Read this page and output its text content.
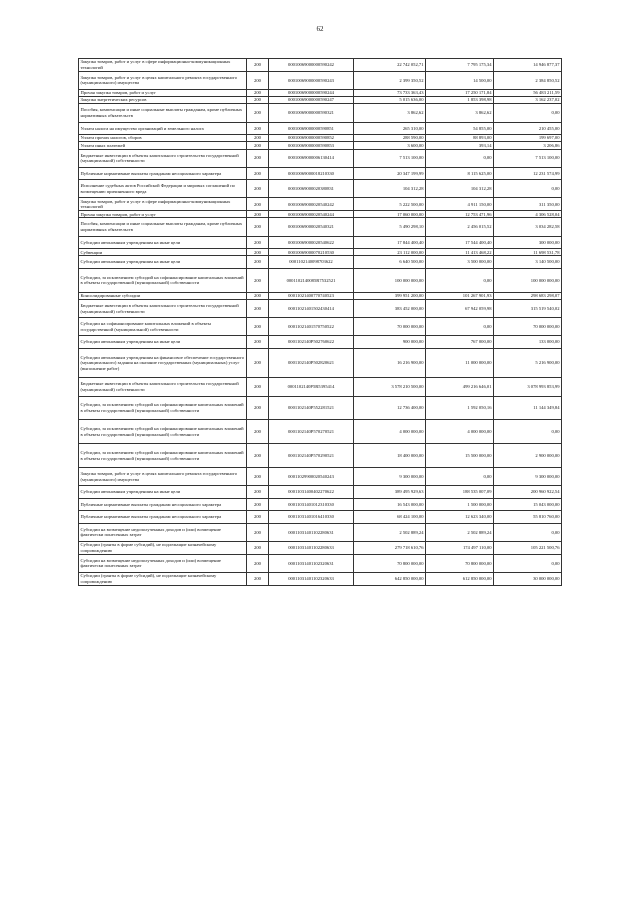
62
Закупка товаров, работ и услуг в сфере информационно-коммуникационных технологий	200	00010069000000590242	22 742 052,71	7 795 175,34	14 946 877,37
Закупка товаров, работ и услуг в целях капитального ремонта государственного (муниципального) имущества	200	00010069000000590243	2 399 350,52	14 500,00	2 384 850,52
Прочая закупка товаров, работ и услуг	200	00010069000000590244	73 733 363,43	17 250 171,84	56 483 211,59
Закупка энергетических ресурсов	200	00010069000000590247	5 015 636,00	1 853 398,98	3 162 237,02
Пособия, компенсации и иные социальные выплаты гражданам, кроме публичных нормативных обязательств	200	00010069000000590321	3 862,62	3 862,62	0,00
Уплата налога на имущество организаций и земельного налога	200	00010069000000590851	265 310,00	54 855,00	210 455,00
Уплата прочих налогов, сборов	200	00010069000000590852	288 590,00	88 893,00	199 697,00
Уплата иных платежей	200	00010069000000590853	3 600,00	393,14	3 206,86
Бюджетные инвестиции в объекты капитального строительства государственной (муниципальной) собственности	200	00010069000006130414	7 513 100,00	0,00	7 513 100,00
Публичные нормативные выплаты гражданам несоциального характера	200	00010069000018210330	20 347 199,99	8 115 625,00	12 231 574,99
Исполнение судебных актов Российской Федерации и мировых соглашений по возмещению причиненного вреда	200	00010069000020380831	104 312,28	104 312,28	0,00
Закупка товаров, работ и услуг в сфере информационно-коммуникационных технологий	200	00010069000020540242	5 222 500,00	4 911 150,00	311 350,00
Прочая закупка товаров, работ и услуг	200	00010069000020540244	17 060 000,00	12 753 471,96	4 306 528,04
Пособия, компенсации и иные социальные выплаты гражданам, кроме публичных нормативных обязательств	200	00010069000020540321	5 490 298,10	2 456 015,52	3 034 282,58
Субсидии автономным учреждениям на иные цели	200	00010069000020540622	17 844 400,40	17 544 400,40	300 000,00
Субвенции	200	00010069000070210530	23 112 000,00	11 413 468,22	11 698 531,78
Субсидии автономным учреждениям на иные цели	200	0001102140098703622	6 640 500,00	3 500 000,00	3 140 500,00
Субсидии, за исключением субсидий на софинансирование капитальных вложений в объекты государственной (муниципальной) собственности	200	0001102140085R7532521	100 000 000,00	0,00	100 000 000,00
Консолидированные субсидии	200	00011021400770740523	399 951 200,00	101 267 901,93	298 683 298,07
Бюджетные инвестиции в объекты капитального строительства государственной (муниципальной) собственности	200	00011021401502430414	383 452 000,00	67 942 059,98	315 519 540,02
Субсидии на софинансирование капитальных вложений в объекты государственной (муниципальной) собственности	200	00011021401570750522	70 000 000,00	0,00	70 000 000,00
Субсидии автономным учреждениям на иные цели	200	0001102140P502760622	900 000,00	767 000,00	133 000,00
Субсидии автономным учреждениям на финансовое обеспечение государственного (муниципального) задания на оказание государственных (муниципальных) услуг (выполнение работ)	200	0001102140P502820621	16 216 900,00	11 000 000,00	5 216 900,00
Бюджетные инвестиции в объекты капитального строительства государственной (муниципальной) собственности	200	0001102140P5R5395414	3 578 210 500,00	499 216 646,01	3 078 993 853,99
Субсидии, за исключением субсидий на софинансирование капитальных вложений в объекты государственной (муниципальной) собственности	200	0001102140P552281521	12 736 400,00	1 592 050,16	11 144 349,84
Субсидии, за исключением субсидий на софинансирование капитальных вложений в объекты государственной (муниципальной) собственности	200	0001102140P570270521	4 000 000,00	4 000 000,00	0,00
Субсидии, за исключением субсидий на софинансирование капитальных вложений в объекты государственной (муниципальной) собственности	200	0001102140P570290521	18 400 000,00	15 500 000,00	2 900 000,00
Закупка товаров, работ и услуг в целях капитального ремонта государственного (муниципального) имущества	200	00011029900020540243	9 300 000,00	0,00	9 300 000,00
Субсидии автономным учреждениям на иные цели	200	00011031400402270622	389 495 929,63	188 535 007,09	200 960 922,54
Публичные нормативные выплаты гражданам несоциального характера	200	00011031401012310330	16 543 000,00	1 500 000,00	15 043 000,00
Публичные нормативные выплаты гражданам несоциального характера	200	00011031401016410330	68 424 100,00	12 623 340,00	55 810 760,00
Субсидии на возмещение недополученных доходов и (или) возмещение фактически понесенных затрат	200	00011031401102280631	2 502 889,24	2 502 889,24	0,00
Субсидии (гранты в форме субсидий), не подлежащие казначейскому сопровождению	200	00011031401102280633	279 718 610,76	174 497 110,00	105 221 500,76
Субсидии на возмещение недополученных доходов и (или) возмещение фактически понесенных затрат	200	00011031401102320631	70 800 000,00	70 800 000,00	0,00
Субсидии (гранты в форме субсидий), не подлежащие казначейскому сопровождению	200	00011031401102320633	642 850 000,00	612 850 000,00	30 000 000,00
